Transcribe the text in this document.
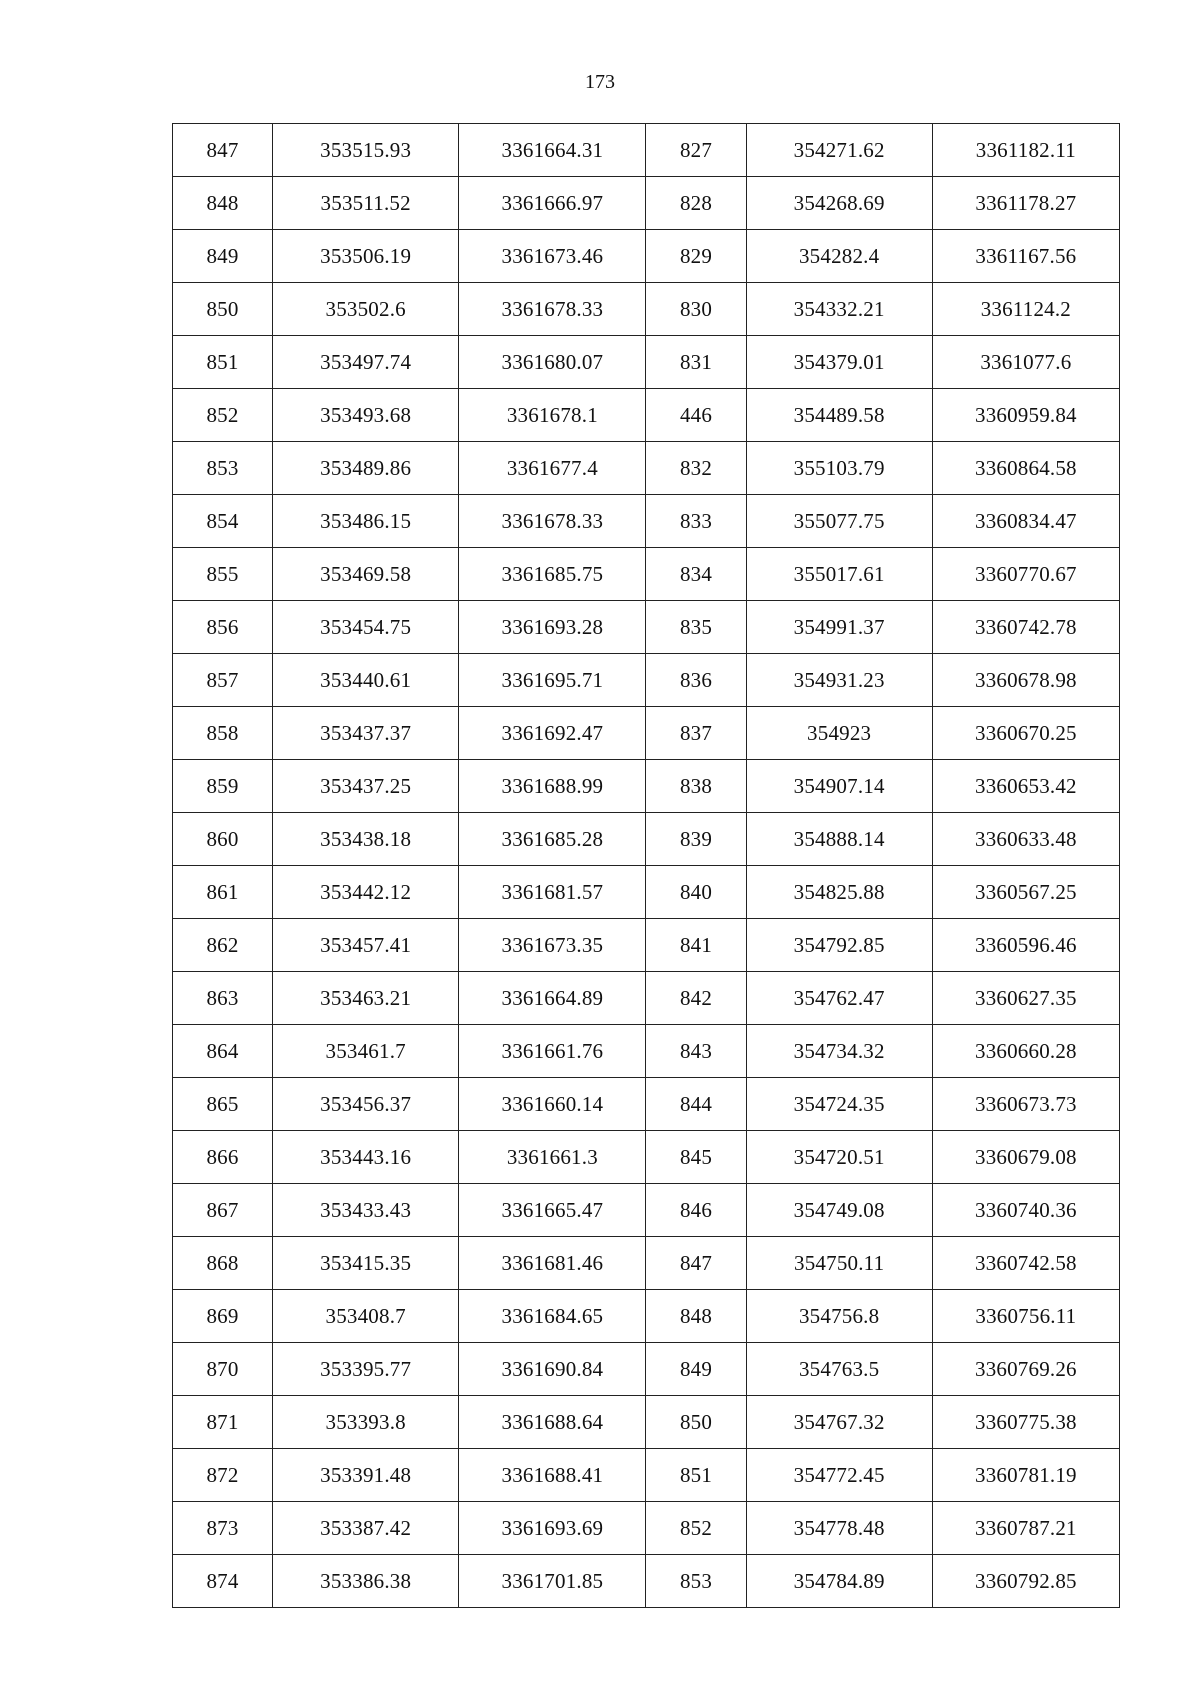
173
847	353515.93	3361664.31	827	354271.62	3361182.11
848	353511.52	3361666.97	828	354268.69	3361178.27
849	353506.19	3361673.46	829	354282.4	3361167.56
850	353502.6	3361678.33	830	354332.21	3361124.2
851	353497.74	3361680.07	831	354379.01	3361077.6
852	353493.68	3361678.1	446	354489.58	3360959.84
853	353489.86	3361677.4	832	355103.79	3360864.58
854	353486.15	3361678.33	833	355077.75	3360834.47
855	353469.58	3361685.75	834	355017.61	3360770.67
856	353454.75	3361693.28	835	354991.37	3360742.78
857	353440.61	3361695.71	836	354931.23	3360678.98
858	353437.37	3361692.47	837	354923	3360670.25
859	353437.25	3361688.99	838	354907.14	3360653.42
860	353438.18	3361685.28	839	354888.14	3360633.48
861	353442.12	3361681.57	840	354825.88	3360567.25
862	353457.41	3361673.35	841	354792.85	3360596.46
863	353463.21	3361664.89	842	354762.47	3360627.35
864	353461.7	3361661.76	843	354734.32	3360660.28
865	353456.37	3361660.14	844	354724.35	3360673.73
866	353443.16	3361661.3	845	354720.51	3360679.08
867	353433.43	3361665.47	846	354749.08	3360740.36
868	353415.35	3361681.46	847	354750.11	3360742.58
869	353408.7	3361684.65	848	354756.8	3360756.11
870	353395.77	3361690.84	849	354763.5	3360769.26
871	353393.8	3361688.64	850	354767.32	3360775.38
872	353391.48	3361688.41	851	354772.45	3360781.19
873	353387.42	3361693.69	852	354778.48	3360787.21
874	353386.38	3361701.85	853	354784.89	3360792.85
